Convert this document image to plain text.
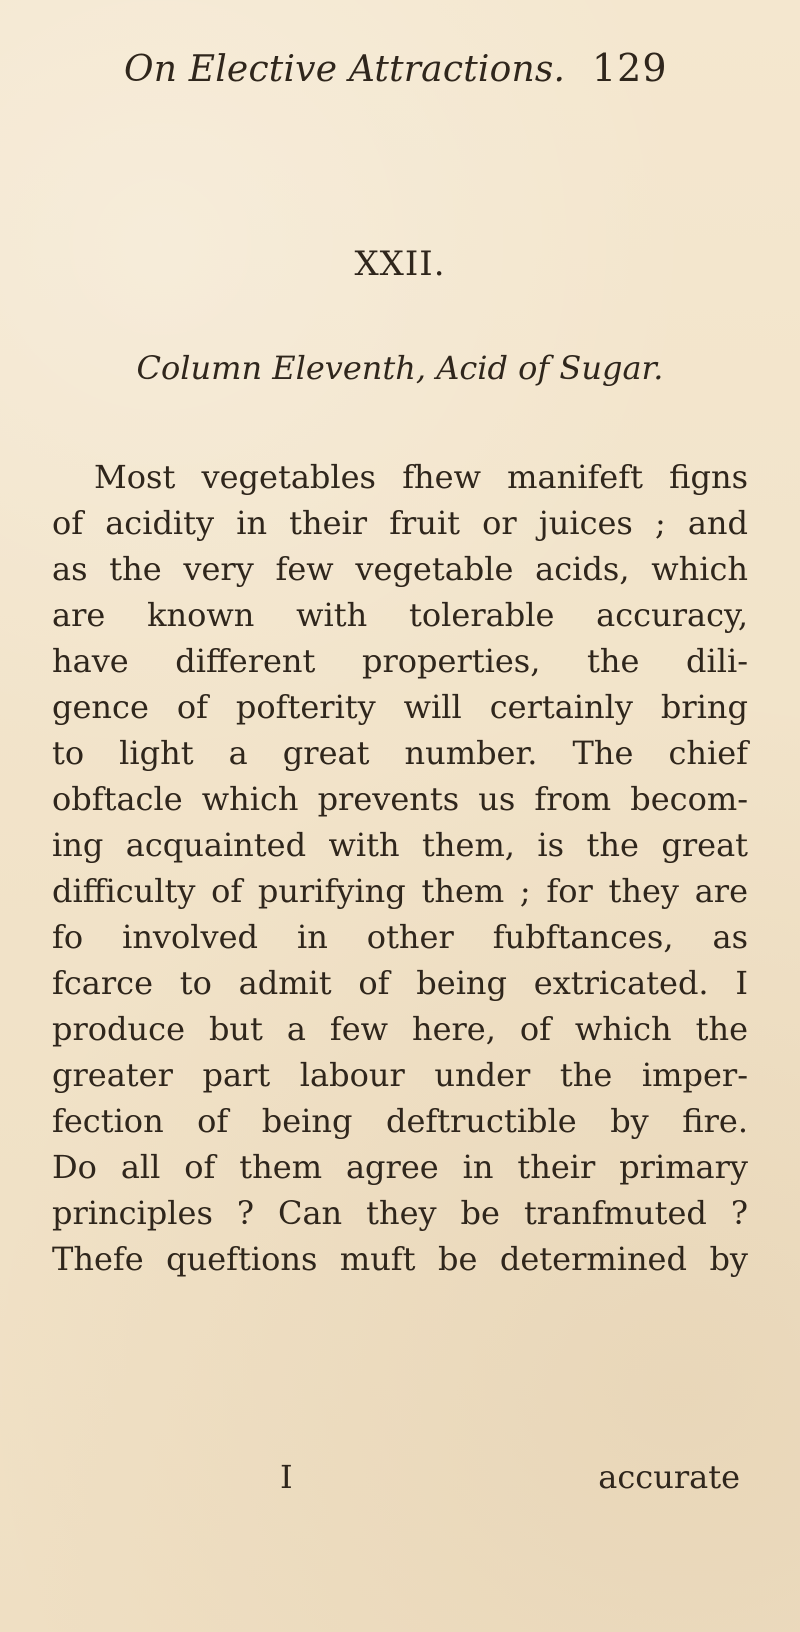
On Elective Attractions. 129

XXII.
Column Eleventh, Acid of Sugar.
Most vegetables fhew manifeft figns
of acidity in their fruit or juices ; and
as the very few vegetable acids, which
are known with tolerable accuracy,
have different properties, the dili-
gence of pofterity will certainly bring
to light a great number. The chief
obftacle which prevents us from becom-
ing acquainted with them, is the great
difficulty of purifying them ; for they are
fo involved in other fubftances, as
fcarce to admit of being extricated. I
produce but a few here, of which the
greater part labour under the imper-
fection of being deftructible by fire.
Do all of them agree in their primary
principles ? Can they be tranfmuted ?
Thefe queftions muft be determined by

I	accurate
